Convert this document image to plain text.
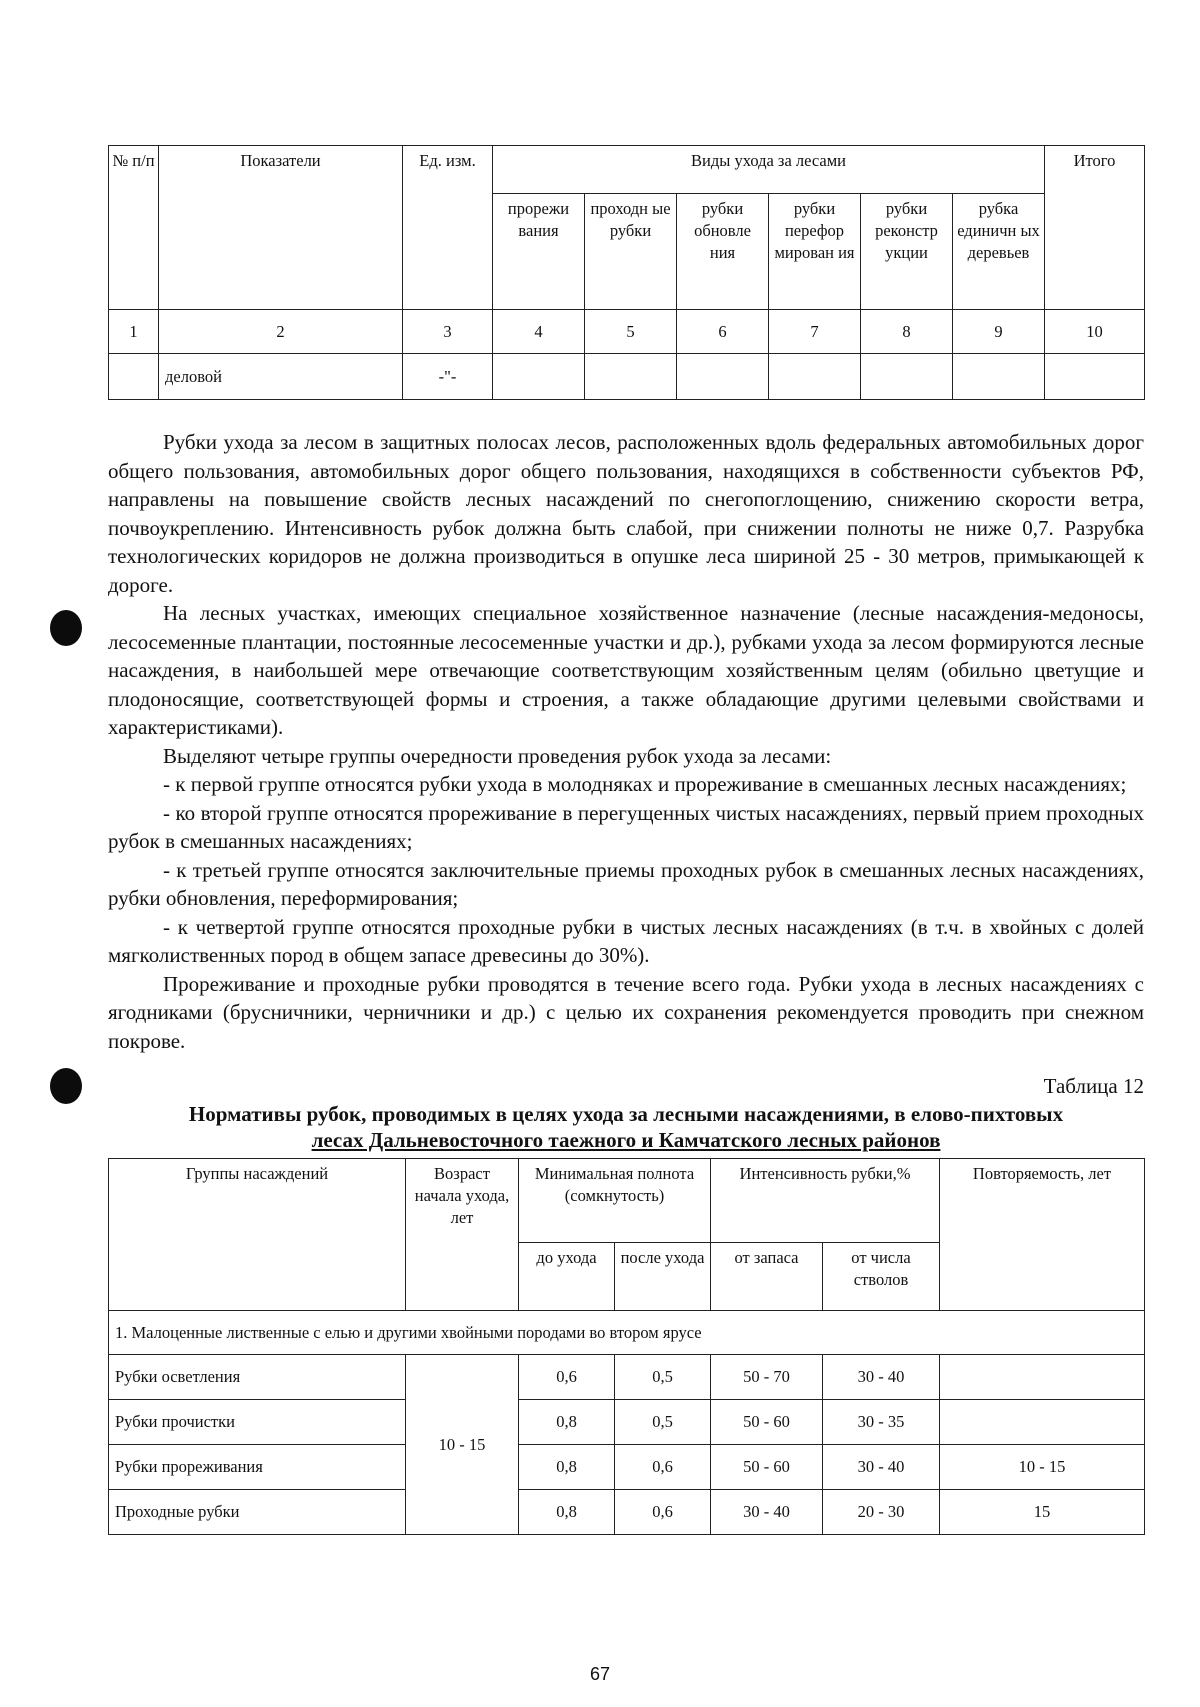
№ п/п	Показатели	Ед. изм.	Виды ухода за лесами						Итого
			прорежи вания	проходн ые рубки	рубки обновле ния	рубки перефор мирован ия	рубки реконстр укции	рубка единичн ых деревьев	
1	2	3	4	5	6	7	8	9	10
	деловой	-"-							

Рубки ухода за лесом в защитных полосах лесов, расположенных вдоль федеральных автомобильных дорог общего пользования, автомобильных дорог общего пользования, находящихся в собственности субъектов РФ, направлены на повышение свойств лесных насаждений по снегопоглощению, снижению скорости ветра, почвоукреплению. Интенсивность рубок должна быть слабой, при снижении полноты не ниже 0,7. Разрубка технологических коридоров не должна производиться в опушке леса шириной 25 - 30 метров, примыкающей к дороге.

На лесных участках, имеющих специальное хозяйственное назначение (лесные насаждения-медоносы, лесосеменные плантации, постоянные лесосеменные участки и др.), рубками ухода за лесом формируются лесные насаждения, в наибольшей мере отвечающие соответствующим хозяйственным целям (обильно цветущие и плодоносящие, соответствующей формы и строения, а также обладающие другими целевыми свойствами и характеристиками).

Выделяют четыре группы очередности проведения рубок ухода за лесами:

- к первой группе относятся рубки ухода в молодняках и прореживание в смешанных лесных насаждениях;

- ко второй группе относятся прореживание в перегущенных чистых насаждениях, первый прием проходных рубок в смешанных насаждениях;

- к третьей группе относятся заключительные приемы проходных рубок в смешанных лесных насаждениях, рубки обновления, переформирования;

- к четвертой группе относятся проходные рубки в чистых лесных насаждениях (в т.ч. в хвойных с долей мягколиственных пород в общем запасе древесины до 30%).

Прореживание и проходные рубки проводятся в течение всего года. Рубки ухода в лесных насаждениях с ягодниками (брусничники, черничники и др.) с целью их сохранения рекомендуется проводить при снежном покрове.

Таблица 12
Нормативы рубок, проводимых в целях ухода за лесными насаждениями, в елово-пихтовых
лесах Дальневосточного таежного и Камчатского лесных районов
Группы насаждений	Возраст начала ухода, лет	Минимальная полнота (сомкнутость)		Интенсивность рубки,%		Повторяемость, лет
		до ухода	после ухода	от запаса	от числа стволов	
1. Малоценные лиственные с елью и другими хвойными породами во втором ярусе						
Рубки осветления	10 - 15	0,6	0,5	50 - 70	30 - 40	
Рубки прочистки		0,8	0,5	50 - 60	30 - 35	
Рубки прореживания		0,8	0,6	50 - 60	30 - 40	10 - 15
Проходные рубки		0,8	0,6	30 - 40	20 - 30	15
67
